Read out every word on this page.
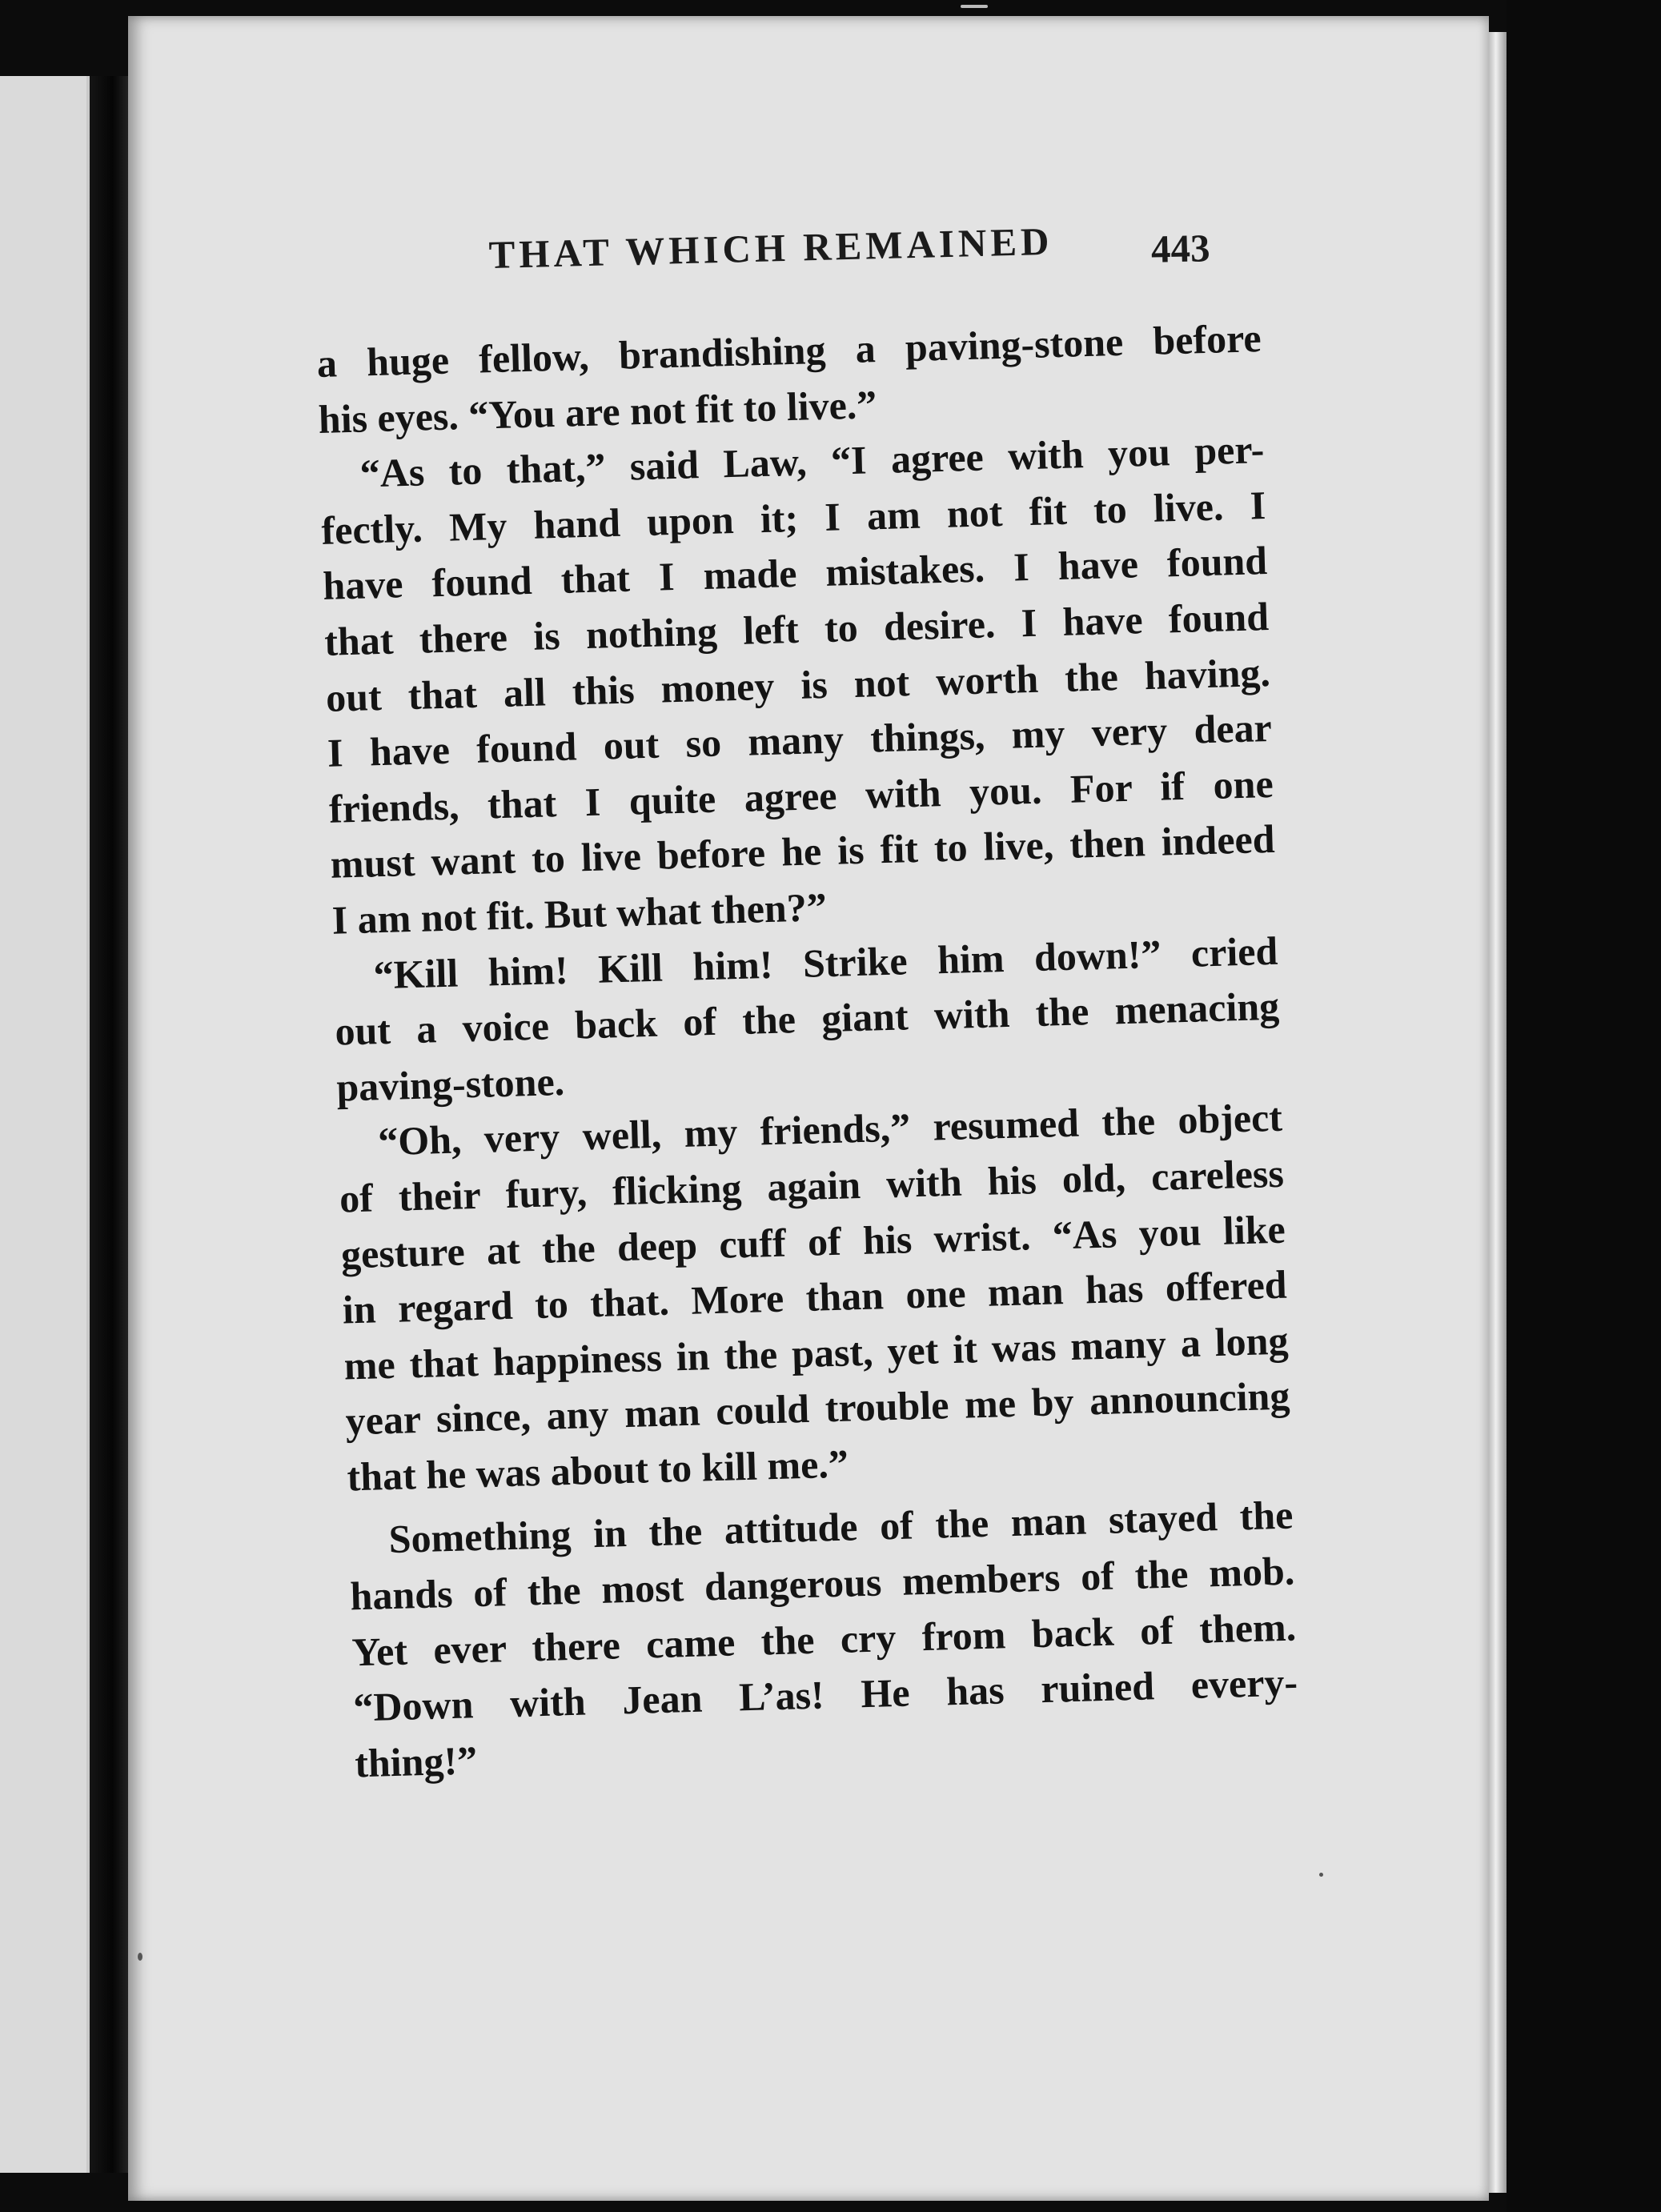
THAT WHICH REMAINED 443
a huge fellow, brandishing a paving-stone before
his eyes. “You are not fit to live.”
“As to that,” said Law, “I agree with you per-
fectly. My hand upon it; I am not fit to live. I
have found that I made mistakes. I have found
that there is nothing left to desire. I have found
out that all this money is not worth the having.
I have found out so many things, my very dear
friends, that I quite agree with you. For if one
must want to live before he is fit to live, then indeed
I am not fit. But what then?”
“Kill him! Kill him! Strike him down!” cried
out a voice back of the giant with the menacing
paving-stone.
“Oh, very well, my friends,” resumed the object
of their fury, flicking again with his old, careless
gesture at the deep cuff of his wrist. “As you like
in regard to that. More than one man has offered
me that happiness in the past, yet it was many a long
year since, any man could trouble me by announcing
that he was about to kill me.”
Something in the attitude of the man stayed the
hands of the most dangerous members of the mob.
Yet ever there came the cry from back of them.
“Down with Jean L’as! He has ruined every-
thing!”
